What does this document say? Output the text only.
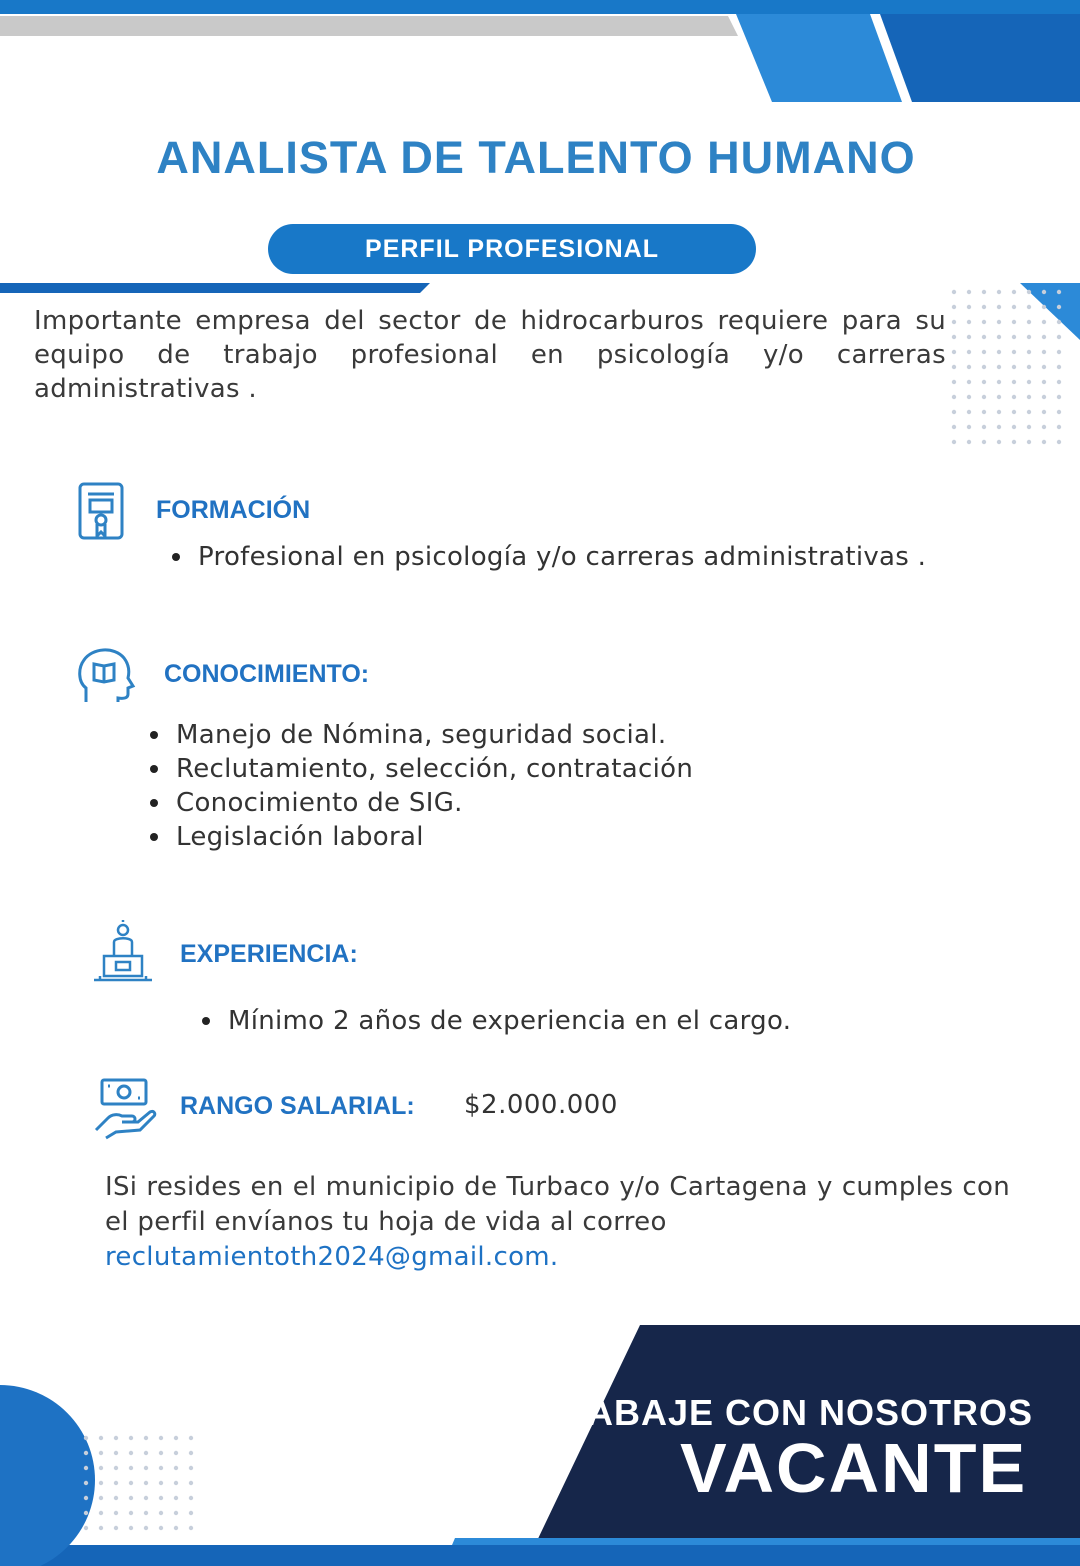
ANALISTA DE TALENTO HUMANO
PERFIL PROFESIONAL

Importante empresa del sector de hidrocarburos requiere para su equipo de trabajo profesional en psicología y/o carreras administrativas .

FORMACIÓN
Profesional en psicología y/o carreras administrativas .
CONOCIMIENTO:
Manejo de Nómina, seguridad social.
Reclutamiento, selección, contratación
Conocimiento de SIG.
Legislación laboral
EXPERIENCIA:
Mínimo 2 años de experiencia en el cargo.
RANGO SALARIAL: $2.000.000
ISi resides en el municipio de Turbaco y/o Cartagena y cumples con el perfil envíanos tu hoja de vida al correo
reclutamientoth2024@gmail.com.
TRABAJE CON NOSOTROS
VACANTE
